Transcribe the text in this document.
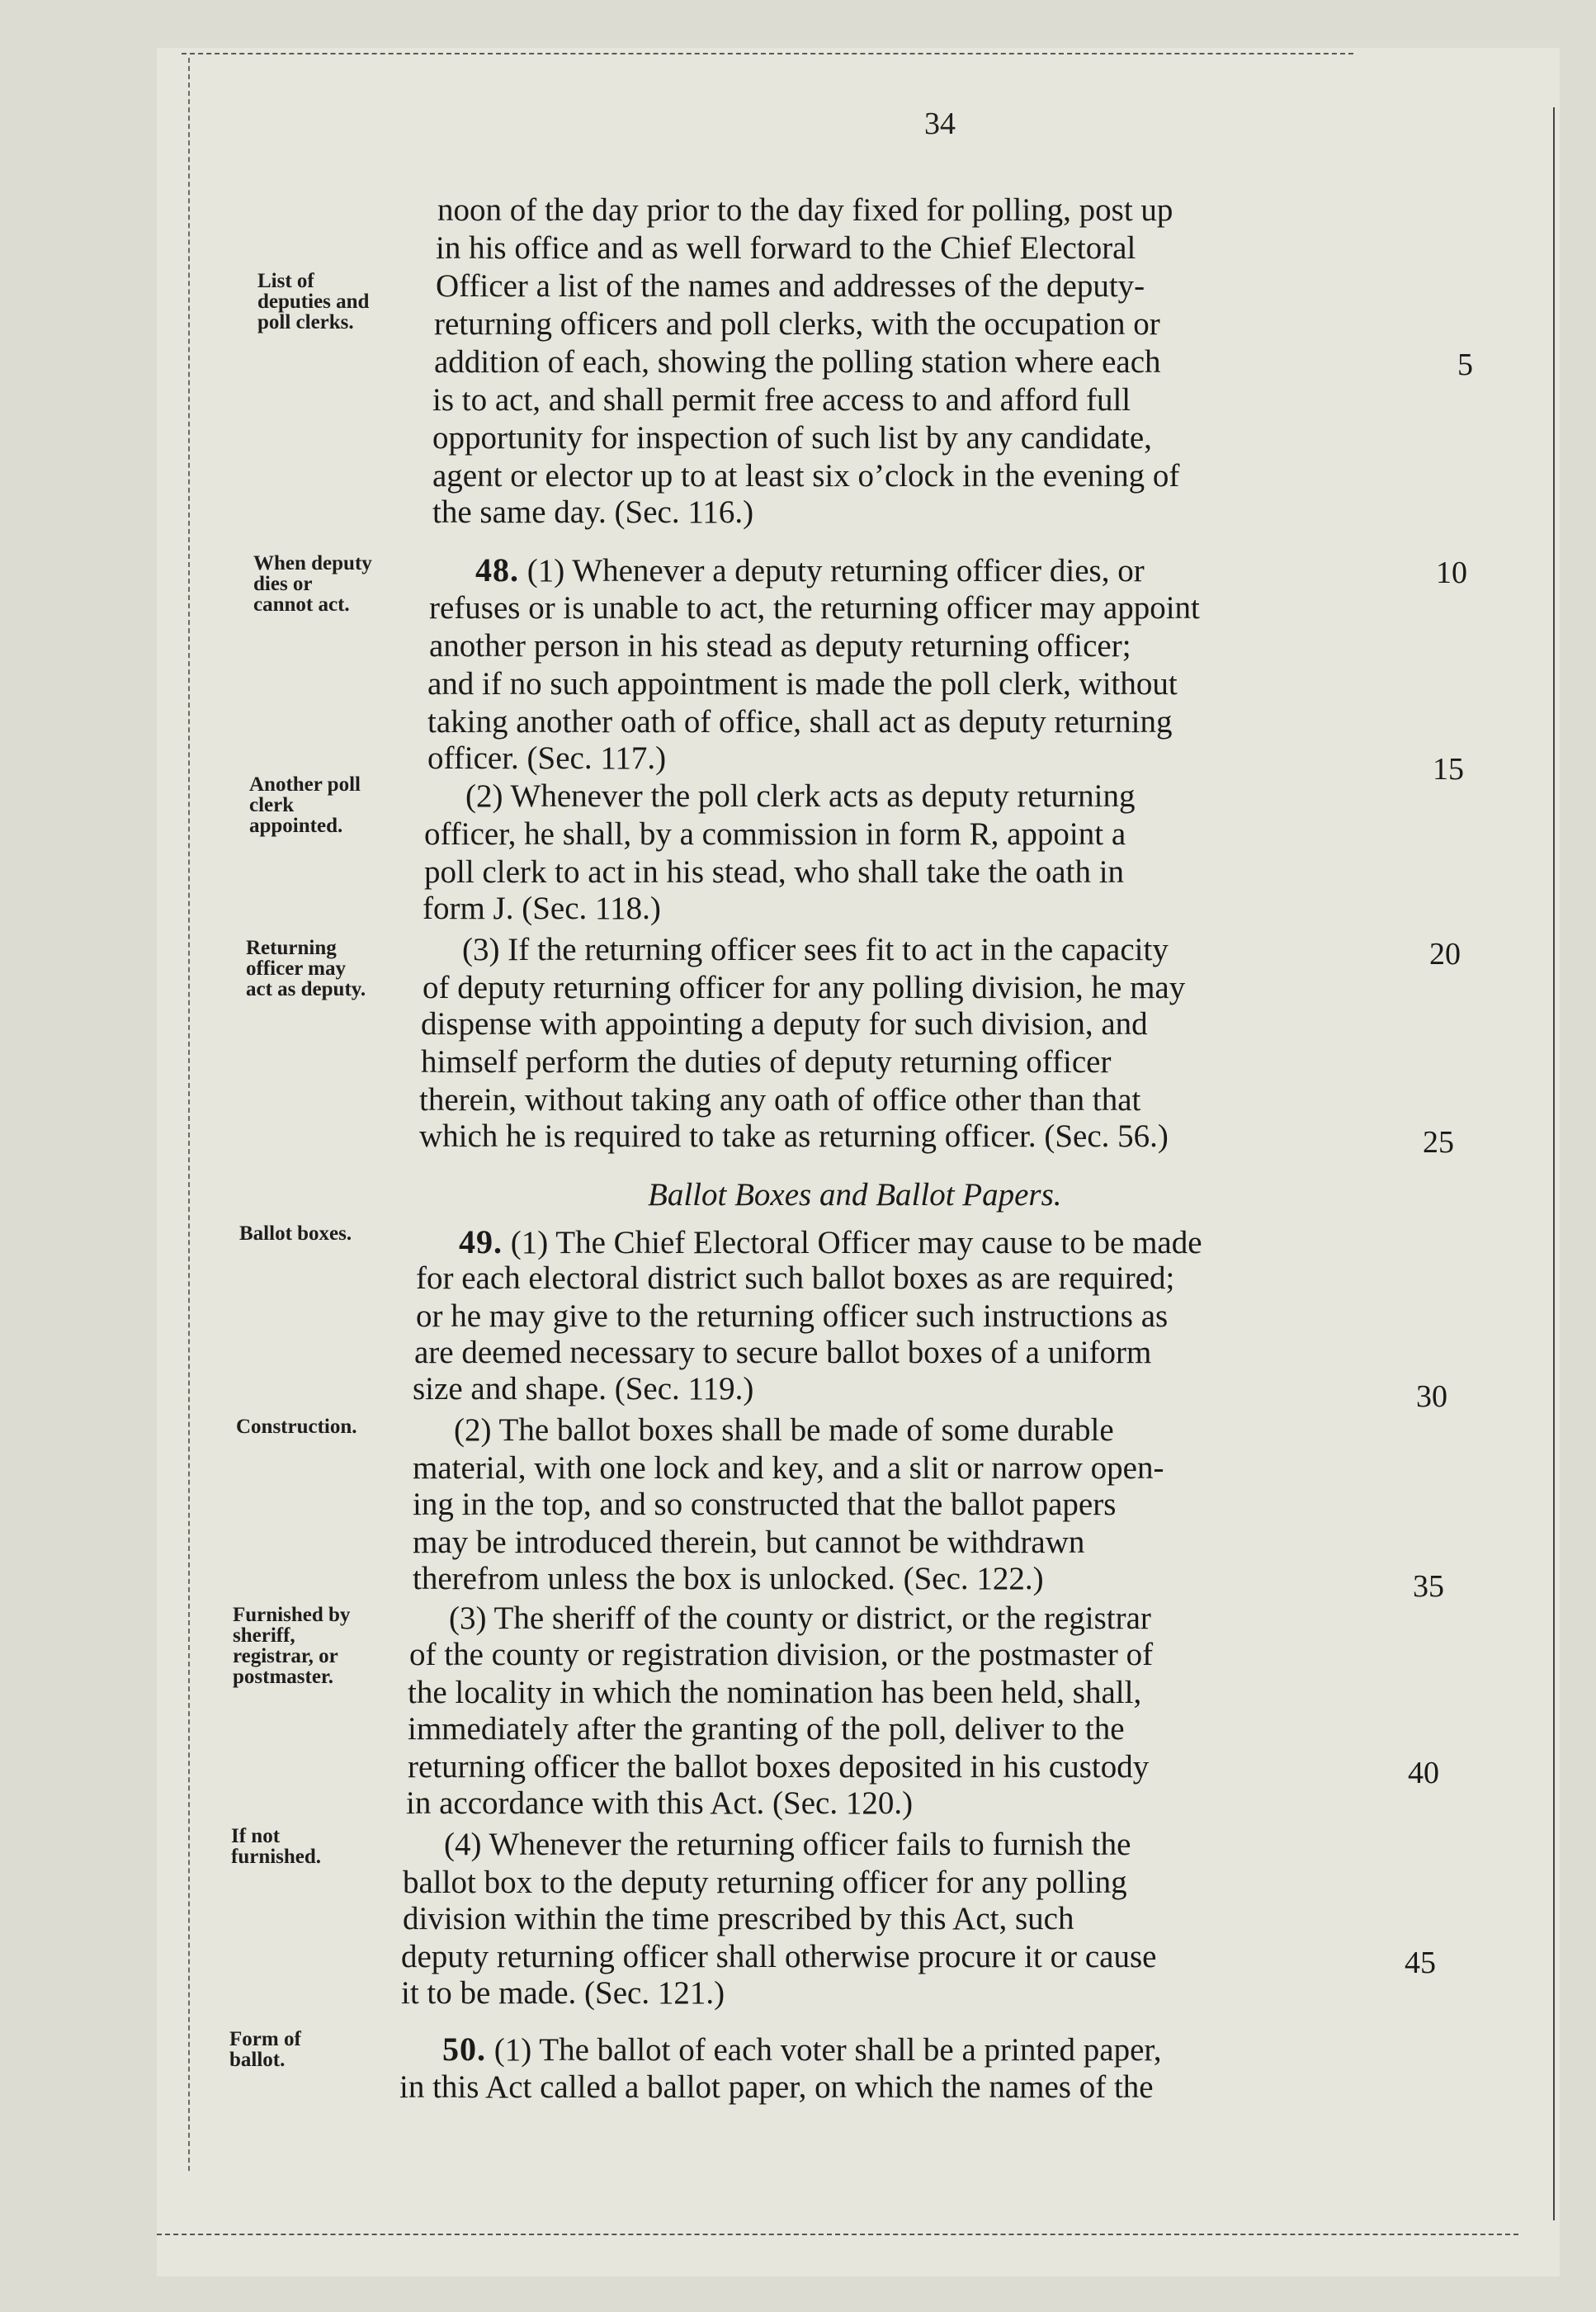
34
List of
deputies and
poll clerks.
When deputy
dies or
cannot act.
Another poll
clerk
appointed.
Returning
officer may
act as deputy.
Ballot boxes.
Construction.
Furnished by
sheriff,
registrar, or
postmaster.
If not
furnished.
Form of
ballot.
noon of the day prior to the day fixed for polling, post up
in his office and as well forward to the Chief Electoral
Officer a list of the names and addresses of the deputy-
returning officers and poll clerks, with the occupation or
addition of each, showing the polling station where each
is to act, and shall permit free access to and afford full
opportunity for inspection of such list by any candidate,
agent or elector up to at least six o’clock in the evening of
the same day. (Sec. 116.)
48. (1) Whenever a deputy returning officer dies, or
refuses or is unable to act, the returning officer may appoint
another person in his stead as deputy returning officer;
and if no such appointment is made the poll clerk, without
taking another oath of office, shall act as deputy returning
officer. (Sec. 117.)
(2) Whenever the poll clerk acts as deputy returning
officer, he shall, by a commission in form R, appoint a
poll clerk to act in his stead, who shall take the oath in
form J. (Sec. 118.)
(3) If the returning officer sees fit to act in the capacity
of deputy returning officer for any polling division, he may
dispense with appointing a deputy for such division, and
himself perform the duties of deputy returning officer
therein, without taking any oath of office other than that
which he is required to take as returning officer. (Sec. 56.)
Ballot Boxes and Ballot Papers.
49. (1) The Chief Electoral Officer may cause to be made
for each electoral district such ballot boxes as are required;
or he may give to the returning officer such instructions as
are deemed necessary to secure ballot boxes of a uniform
size and shape. (Sec. 119.)
(2) The ballot boxes shall be made of some durable
material, with one lock and key, and a slit or narrow open-
ing in the top, and so constructed that the ballot papers
may be introduced therein, but cannot be withdrawn
therefrom unless the box is unlocked. (Sec. 122.)
(3) The sheriff of the county or district, or the registrar
of the county or registration division, or the postmaster of
the locality in which the nomination has been held, shall,
immediately after the granting of the poll, deliver to the
returning officer the ballot boxes deposited in his custody
in accordance with this Act. (Sec. 120.)
(4) Whenever the returning officer fails to furnish the
ballot box to the deputy returning officer for any polling
division within the time prescribed by this Act, such
deputy returning officer shall otherwise procure it or cause
it to be made. (Sec. 121.)
50. (1) The ballot of each voter shall be a printed paper,
in this Act called a ballot paper, on which the names of the
5
10
15
20
25
30
35
40
45
